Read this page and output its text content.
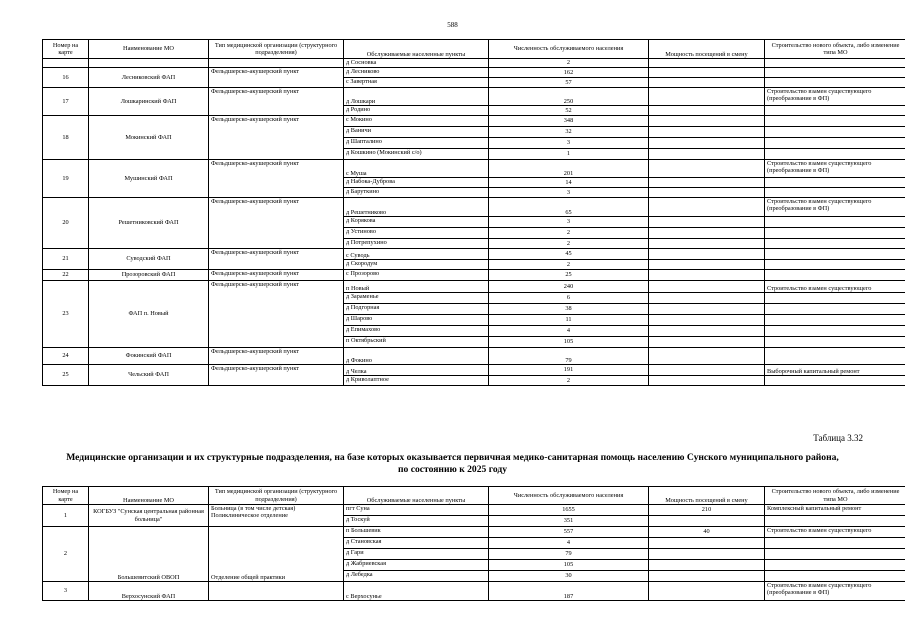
588
Номер на карте	Наименование МО	Тип медицинской организации (структурного подразделения)	Обслуживаемые населенные пункты	Численность обслуживаемого населения	Мощность посещений в смену	Строительство нового объекта, либо изменение типа МО
			д Сосновка	2		
16	Лесниковский ФАП	Фельдшерско-акушерский пункт	д Лесниково	162		
			с Завертная	57		
17	Лошкаринский ФАП	Фельдшерско-акушерский пункт	д Лошкари	250		Строительство взамен существующего (преобразование в ФП)
			д Родино	52		
18	Мокинский ФАП	Фельдшерско-акушерский пункт	с Мокино	348		
			д Ваничи	32		
			д Шапталино	3		
			д Кошкино (Мокинский с/о)	1		
19	Мушинский ФАП	Фельдшерско-акушерский пункт	с Муша	201		Строительство взамен существующего (преобразование в ФП)
			д Набока-Дуброва	14		
			д Баруткино	3		
20	Решетниковский ФАП	Фельдшерско-акушерский пункт	д Решетниково	65		Строительство взамен существующего (преобразование в ФП)
			д Корякова	3		
			д Устиново	2		
			д Потрепухино	2		
21	Суводский ФАП	Фельдшерско-акушерский пункт	с Суводь	45		
			д Скородум	2		
22	Прозоровский ФАП	Фельдшерско-акушерский пункт	с Прозорово	25		
23	ФАП п. Новый	Фельдшерско-акушерский пункт	п Новый	240		Строительство взамен существующего
			д Зараменье	6		
			д Подгорная	38		
			д Шарово	11		
			д Епимахово	4		
			п Октябрьский	105		
24	Фокинский ФАП	Фельдшерско-акушерский пункт	д Фокино	79		
25	Чельский ФАП	Фельдшерско-акушерский пункт	д Челка	191		Выборочный капитальный ремонт
			д Криволаптное	2		
Таблица 3.32
Медицинские организации и их структурные подразделения, на базе которых оказывается первичная медико-санитарная помощь населению Сунского муниципального района, по состоянию к 2025 году
Номер на карте	Наименование МО	Тип медицинской организации (структурного подразделения)	Обслуживаемые населенные пункты	Численность обслуживаемого населения	Мощность посещений в смену	Строительство нового объекта, либо изменение типа МО
1	КОГБУЗ "Сунская центральная районная больница"	Больница (в том числе детская) Поликлиническое отделение	пгт Суна	1655	210	Комплексный капитальный ремонт
			д Тоскуй	351		
2	Большевитский ОВОП	Отделение общей практики	п Большевик	557	40	Строительство взамен существующего
			д Становская	4		
			д Гари	79		
			д Жабриевская	105		
			д Лебедка	30		
3	Верхосунский ФАП		с Верхосунье	187		Строительство взамен существующего (преобразование в ФП)
